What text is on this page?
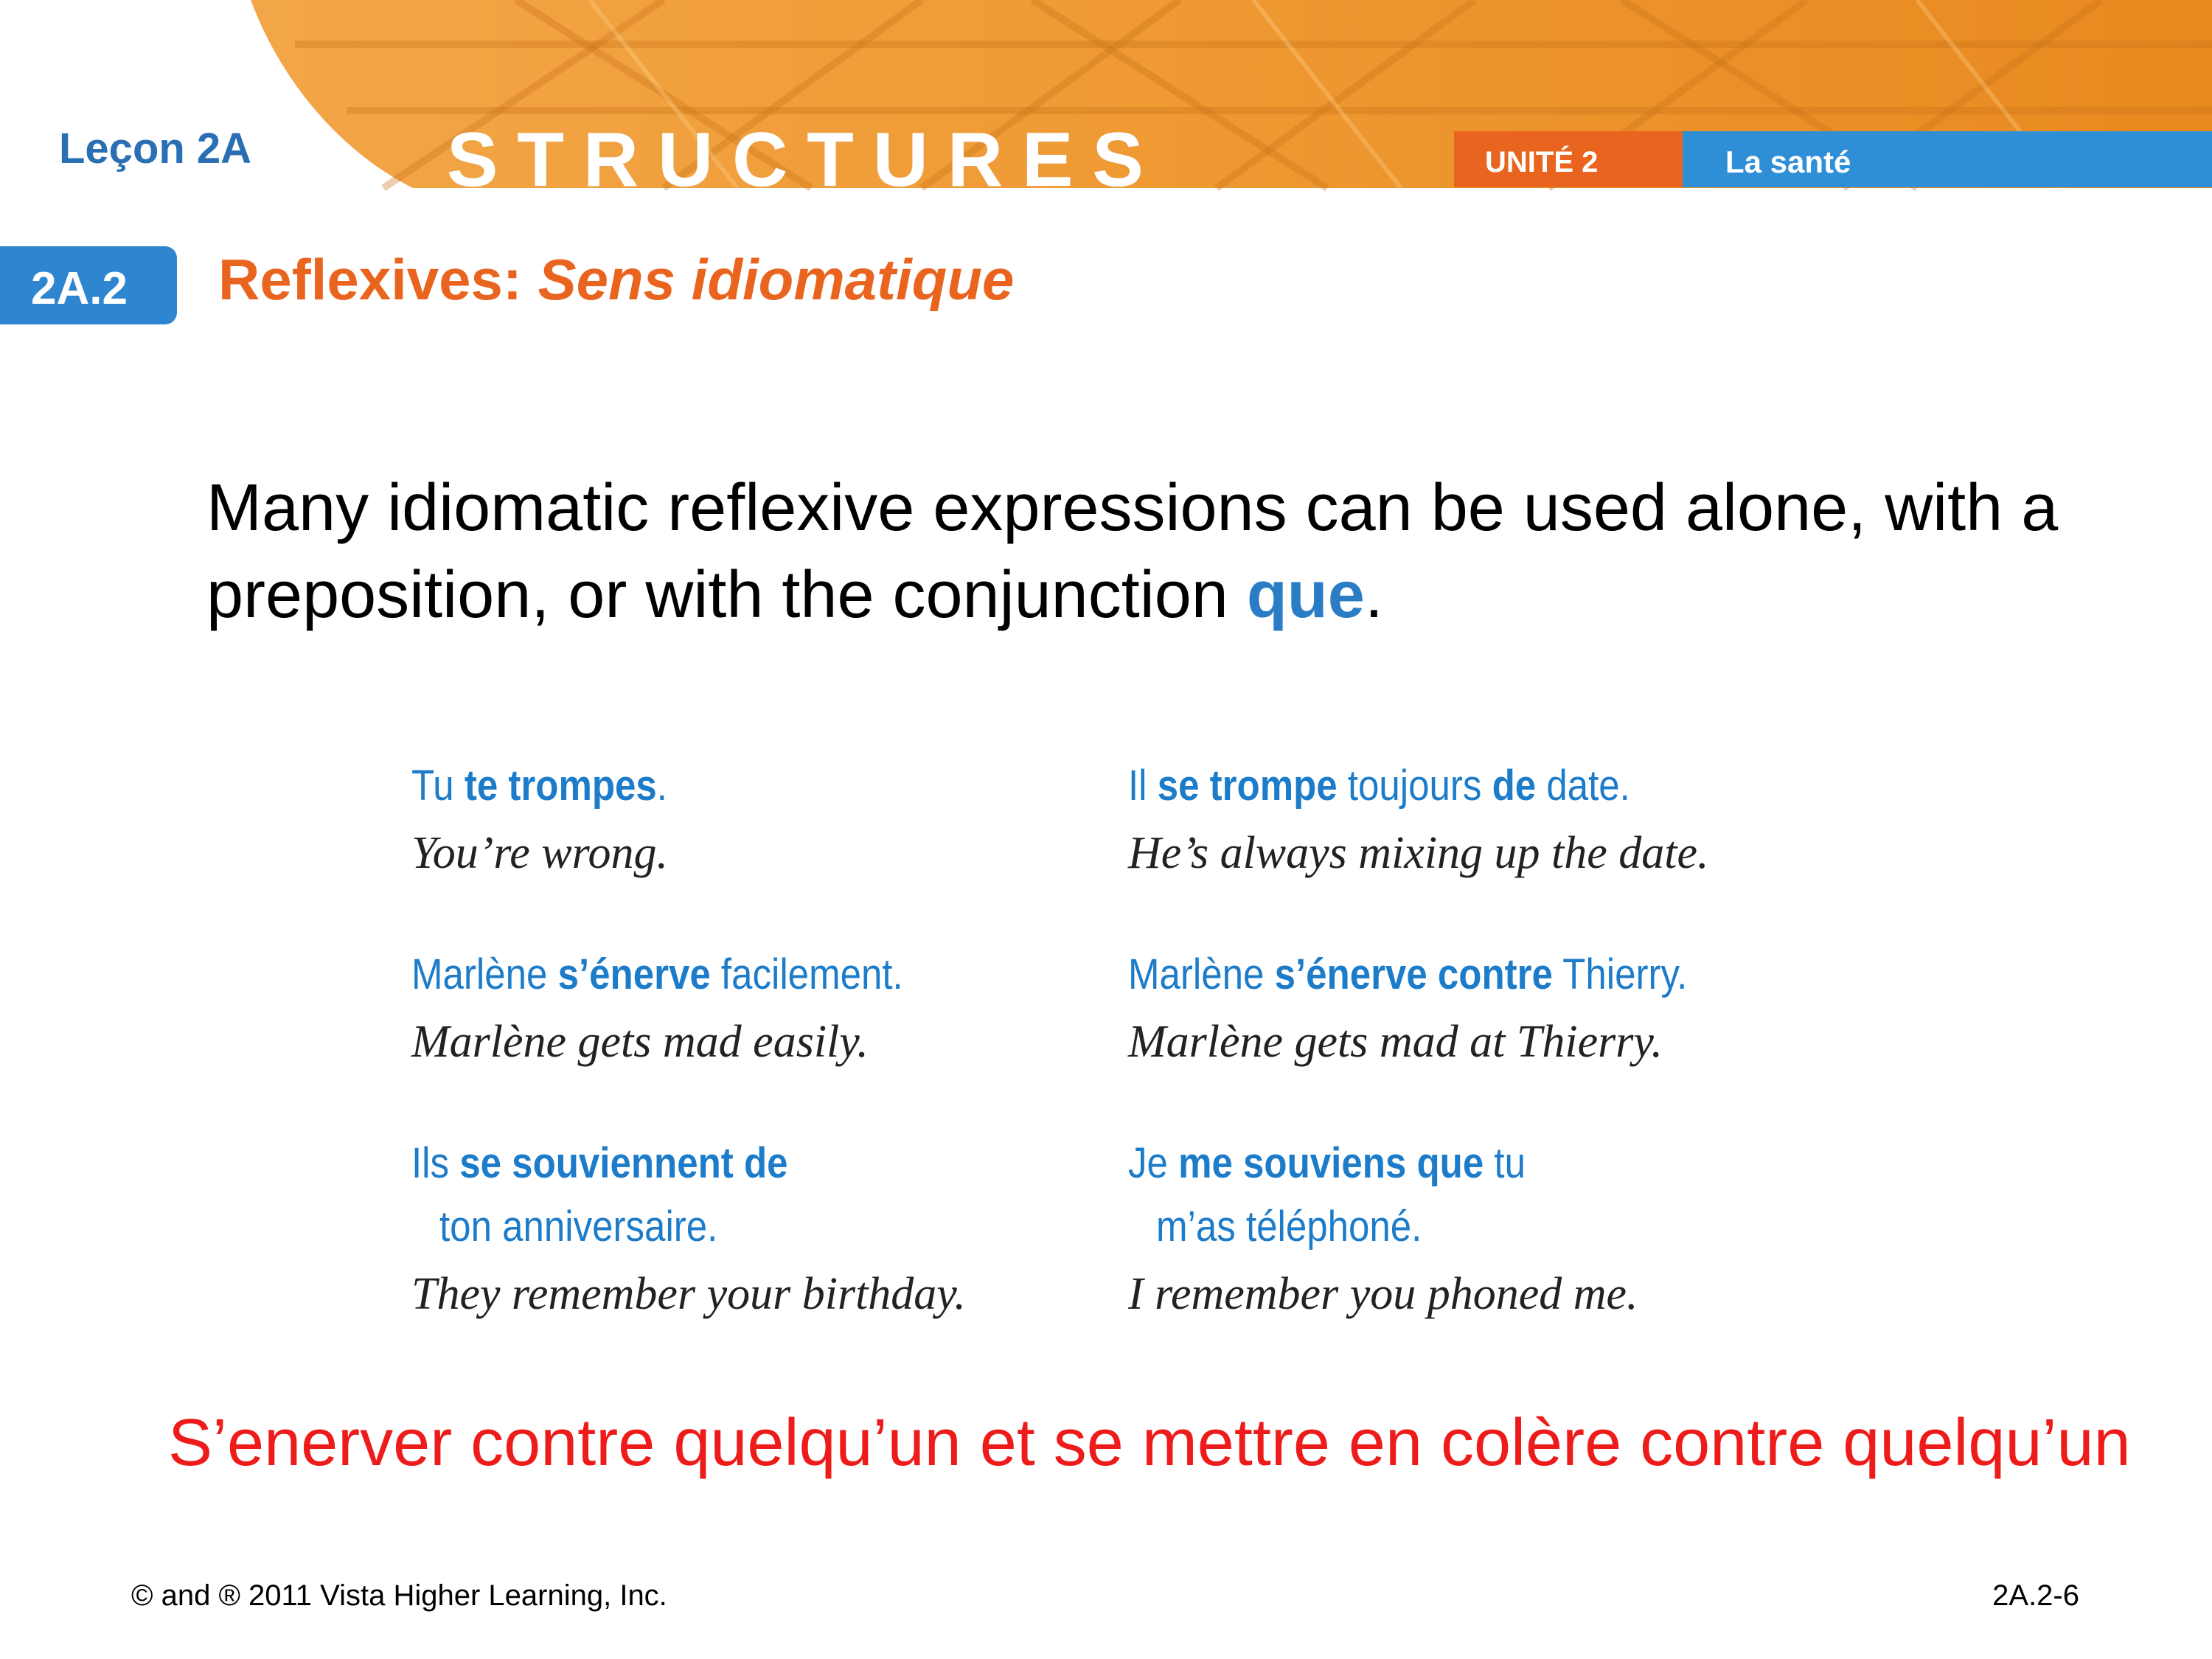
Leçon 2A	STRUCTURES	UNITÉ 2	La santé
2A.2 Reflexives: Sens idiomatique
Many idiomatic reflexive expressions can be used alone, with a preposition, or with the conjunction que.
Tu te trompes.
You’re wrong.
Marlène s’énerve facilement.
Marlène gets mad easily.
Ils se souviennent de
ton anniversaire.
They remember your birthday.
Il se trompe toujours de date.
He’s always mixing up the date.
Marlène s’énerve contre Thierry.
Marlène gets mad at Thierry.
Je me souviens que tu
m’as téléphoné.
I remember you phoned me.
S’enerver contre quelqu’un et se mettre en colère contre quelqu’un
© and ® 2011 Vista Higher Learning, Inc.	2A.2-6
